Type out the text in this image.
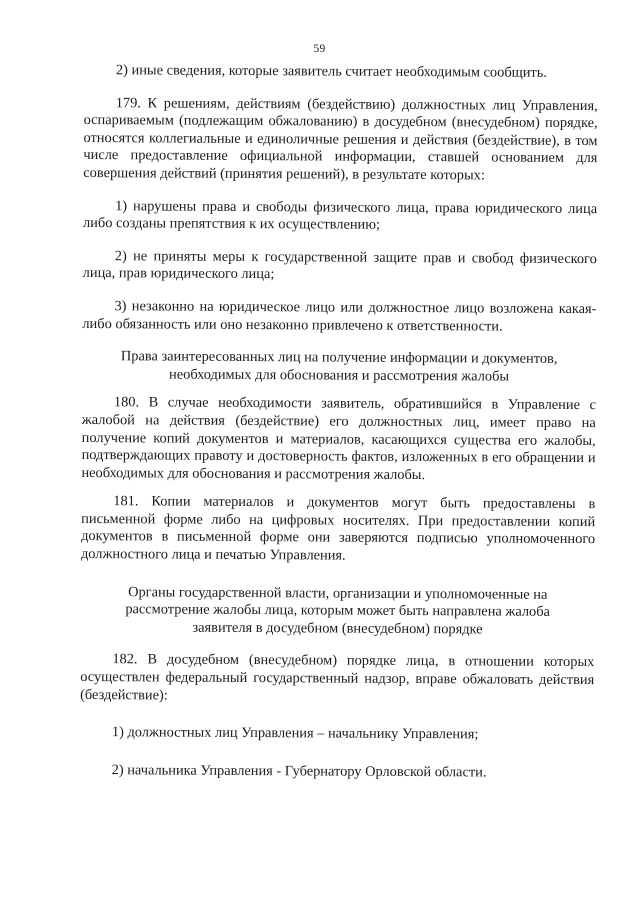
59

2) иные сведения, которые заявитель считает необходимым сообщить.

179. К решениям, действиям (бездействию) должностных лиц Управления, оспариваемым (подлежащим обжалованию) в досудебном (внесудебном) порядке, относятся коллегиальные и единоличные решения и действия (бездействие), в том числе предоставление официальной информации, ставшей основанием для совершения действий (принятия решений), в результате которых:

1) нарушены права и свободы физического лица, права юридического лица либо созданы препятствия к их осуществлению;

2) не приняты меры к государственной защите прав и свобод физического лица, прав юридического лица;

3) незаконно на юридическое лицо или должностное лицо возложена какая-либо обязанность или оно незаконно привлечено к ответственности.

Права заинтересованных лиц на получение информации и документов, необходимых для обоснования и рассмотрения жалобы

180. В случае необходимости заявитель, обратившийся в Управление с жалобой на действия (бездействие) его должностных лиц, имеет право на получение копий документов и материалов, касающихся существа его жалобы, подтверждающих правоту и достоверность фактов, изложенных в его обращении и необходимых для обоснования и рассмотрения жалобы.

181. Копии материалов и документов могут быть предоставлены в письменной форме либо на цифровых носителях. При предоставлении копий документов в письменной форме они заверяются подписью уполномоченного должностного лица и печатью Управления.

Органы государственной власти, организации и уполномоченные на рассмотрение жалобы лица, которым может быть направлена жалоба заявителя в досудебном (внесудебном) порядке

182. В досудебном (внесудебном) порядке лица, в отношении которых осуществлен федеральный государственный надзор, вправе обжаловать действия (бездействие):

1) должностных лиц Управления – начальнику Управления;

2) начальника Управления - Губернатору Орловской области.
